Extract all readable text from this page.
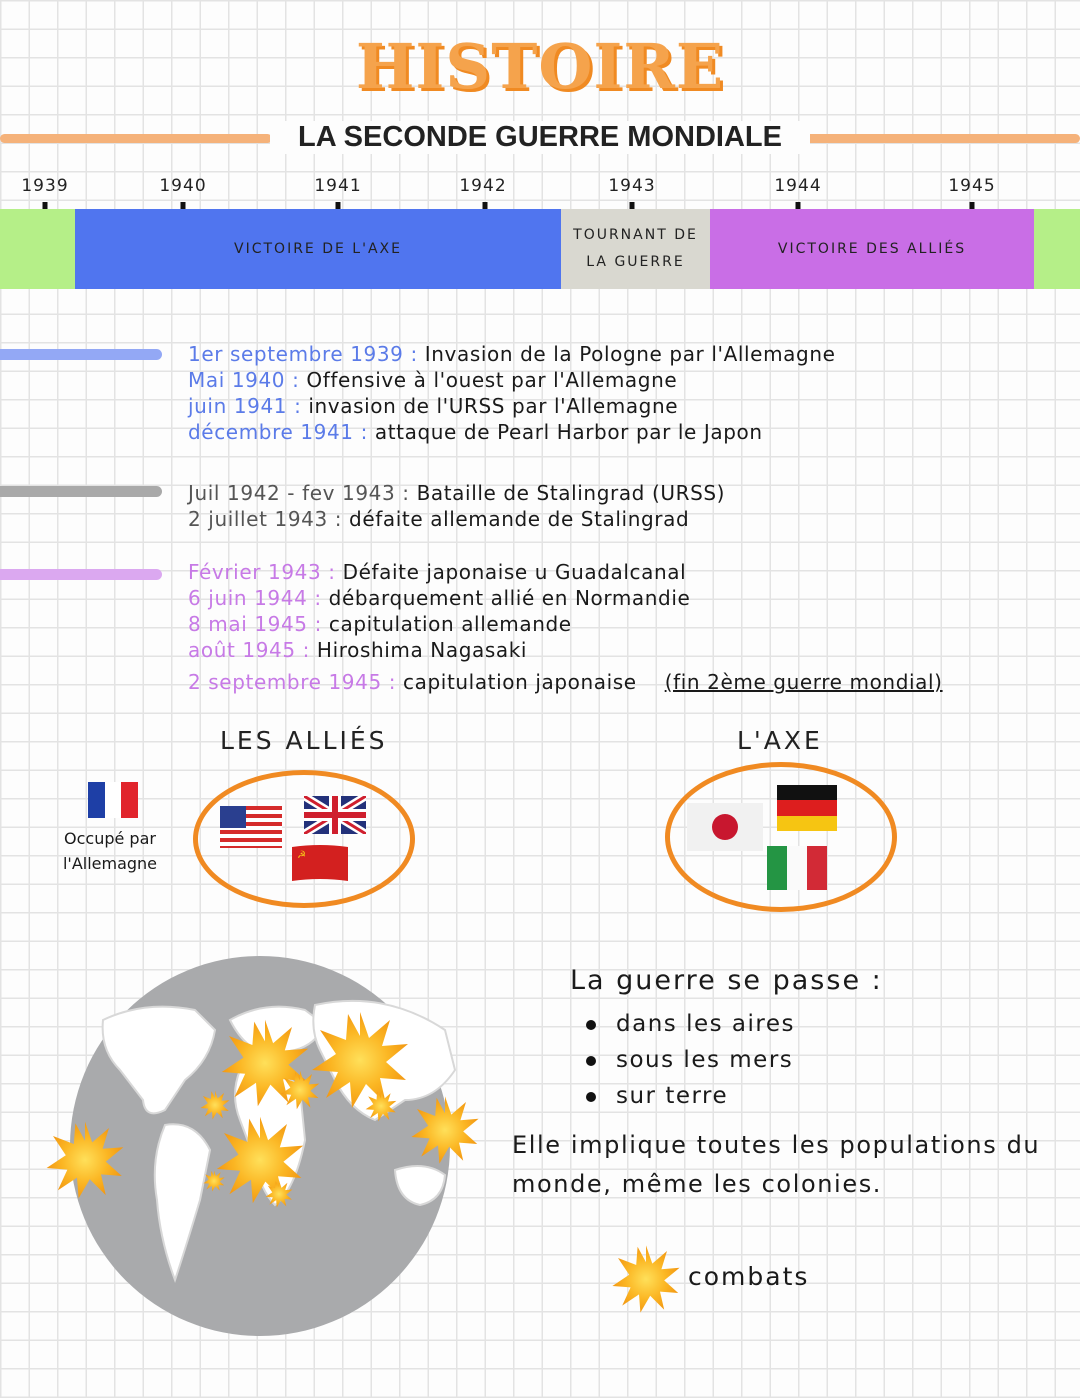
HISTOIRE
LA SECONDE GUERRE MONDIALE
1939	1940	1941	1942	1943	1944	1945
VICTOIRE DE L'AXE
TOURNANT DE
LA GUERRE
VICTOIRE DES ALLIÉS
1er septembre 1939 : Invasion de la Pologne par l'Allemagne
Mai 1940 : Offensive à l'ouest par l'Allemagne
juin 1941 : invasion de l'URSS par l'Allemagne
décembre 1941 : attaque de Pearl Harbor par le Japon
Juil 1942 - fev 1943 : Bataille de Stalingrad (URSS)
2 juillet 1943 : défaite allemande de Stalingrad
Février 1943 : Défaite japonaise u Guadalcanal
6 juin 1944 : débarquement allié en Normandie
8 mai 1945 : capitulation allemande
août 1945 : Hiroshima Nagasaki
2 septembre 1945 : capitulation japonaise (fin 2ème guerre mondial)
LES ALLIÉS
☭
Occupé par
l'Allemagne
L'AXE
La guerre se passe :
dans les aires
sous les mers
sur terre
Elle implique toutes les populations du
monde, même les colonies.
combats
